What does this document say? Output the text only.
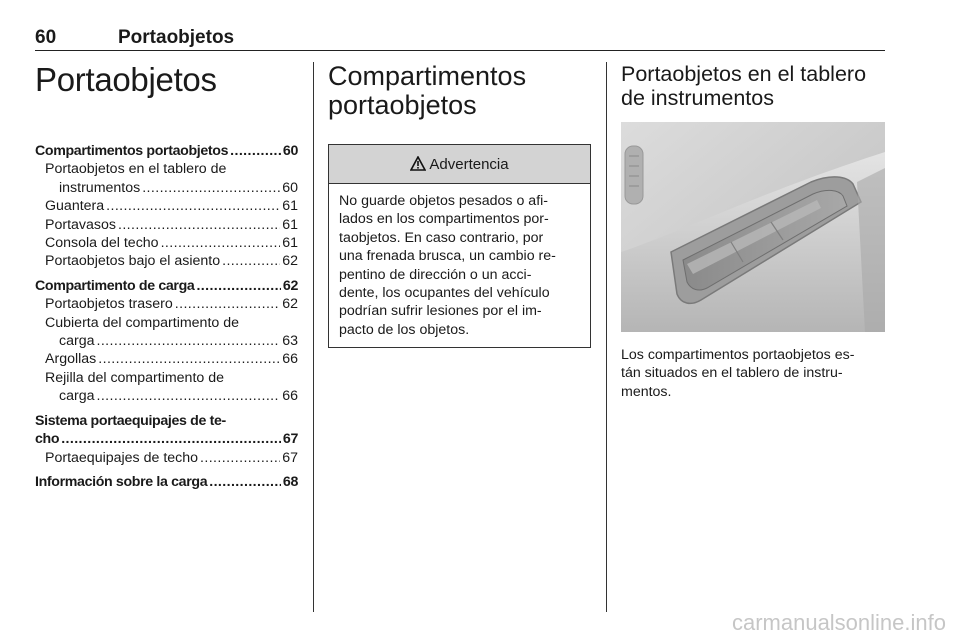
60	Portaobjetos
Portaobjetos
Compartimentos portaobjetos .....	60
Portaobjetos en el tablero de
instrumentos .....	60
Guantera .....	61
Portavasos .....	61
Consola del techo .....	61
Portaobjetos bajo el asiento .....	62
Compartimento de carga .....	62
Portaobjetos trasero .....	62
Cubierta del compartimento de
carga .....	63
Argollas .....	66
Rejilla del compartimento de
carga .....	66
Sistema portaequipajes de te-
cho .....	67
Portaequipajes de techo .....	67
Información sobre la carga .....	68
Compartimentos
portaobjetos
Advertencia
No guarde objetos pesados o afi-
lados en los compartimentos por-
taobjetos. En caso contrario, por
una frenada brusca, un cambio re-
pentino de dirección o un acci-
dente, los ocupantes del vehículo
podrían sufrir lesiones por el im-
pacto de los objetos.
Portaobjetos en el tablero
de instrumentos

Los compartimentos portaobjetos es-
tán situados en el tablero de instru-
mentos.

carmanualsonline.info
